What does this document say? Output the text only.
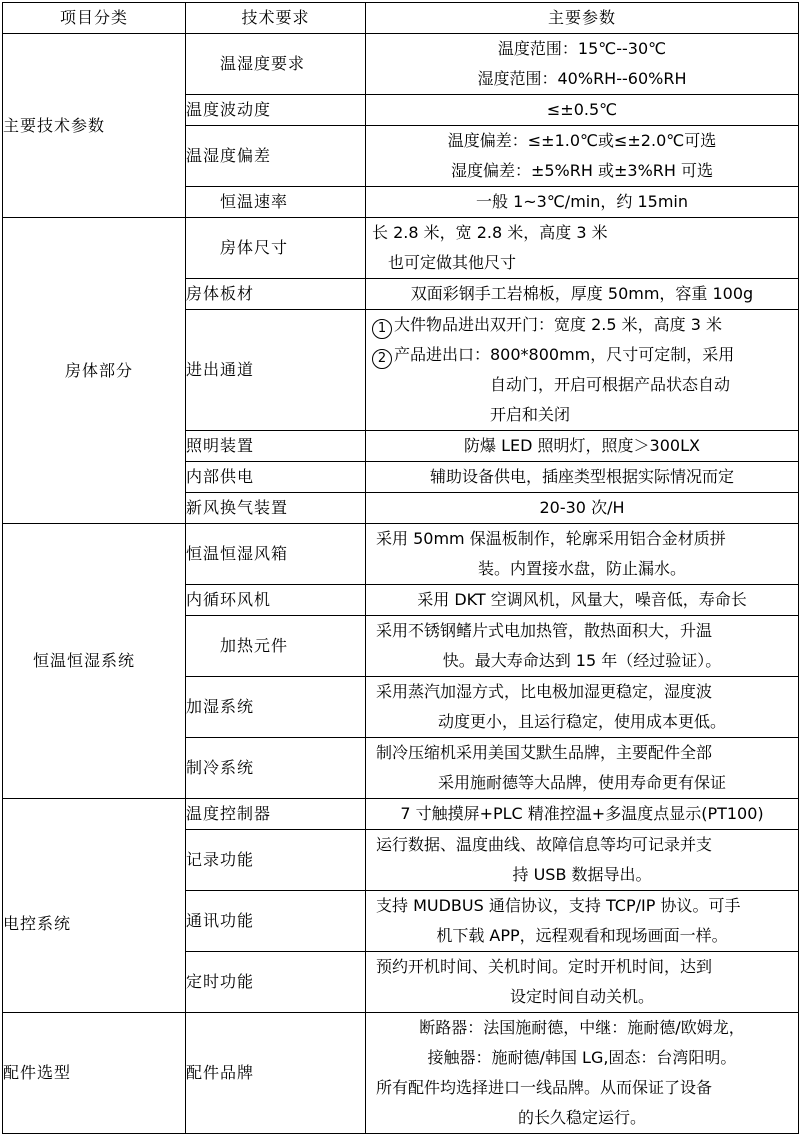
项目分类	技术要求	主要参数
主要技术参数	温湿度要求	温度范围：15℃--30℃
湿度范围：40%RH--60%RH

	温度波动度	≤±0.5℃

	温湿度偏差	温度偏差：≤±1.0℃或≤±2.0℃可选
湿度偏差：±5%RH 或±3%RH 可选

	恒温速率	一般 1~3℃/min，约 15min

房体部分	房体尺寸	长 2.8 米，宽 2.8 米，高度 3 米
也可定做其他尺寸

	房体板材	双面彩钢手工岩棉板，厚度 50mm，容重 100g

	进出通道	1 大件物品进出双开门：宽度 2.5 米，高度 3 米
2 产品进出口：800*800mm，尺寸可定制，采用
自动门，开启可根据产品状态自动
开启和关闭

	照明装置	防爆 LED 照明灯，照度＞300LX

	内部供电	辅助设备供电，插座类型根据实际情况而定

	新风换气装置	20-30 次/H

恒温恒湿系统	恒温恒湿风箱	采用 50mm 保温板制作，轮廓采用铝合金材质拼
装。内置接水盘，防止漏水。

	内循环风机	采用 DKT 空调风机，风量大，噪音低，寿命长

	加热元件	采用不锈钢鳍片式电加热管，散热面积大，升温
快。最大寿命达到 15 年（经过验证）。

	加湿系统	采用蒸汽加湿方式，比电极加湿更稳定，湿度波
动度更小，且运行稳定，使用成本更低。

	制冷系统	制冷压缩机采用美国艾默生品牌，主要配件全部
采用施耐德等大品牌，使用寿命更有保证

电控系统	温度控制器	7 寸触摸屏+PLC 精准控温+多温度点显示(PT100)

	记录功能	运行数据、温度曲线、故障信息等均可记录并支
持 USB 数据导出。

	通讯功能	支持 MUDBUS 通信协议，支持 TCP/IP 协议。可手
机下载 APP，远程观看和现场画面一样。

	定时功能	预约开机时间、关机时间。定时开机时间，达到
设定时间自动关机。

配件选型	配件品牌	断路器：法国施耐德，中继：施耐德/欧姆龙，
接触器：施耐德/韩国 LG,固态：台湾阳明。
所有配件均选择进口一线品牌。从而保证了设备
的长久稳定运行。
